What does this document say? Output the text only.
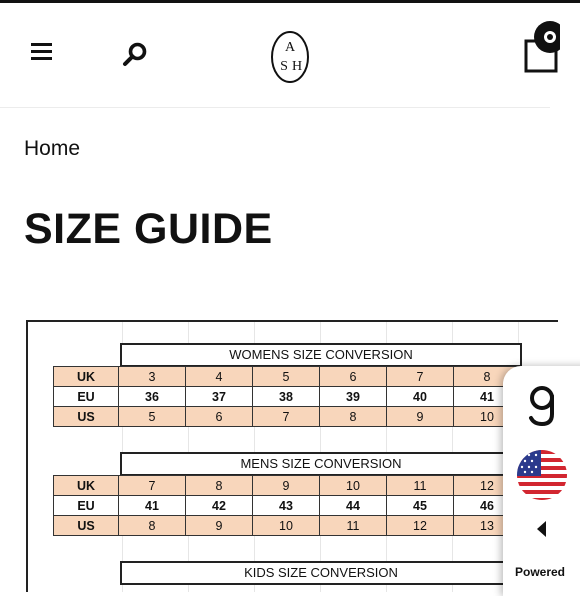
A
S H
Home
SIZE GUIDE
WOMENS SIZE CONVERSION
UK	3	4	5	6	7	8
EU	36	37	38	39	40	41
US	5	6	7	8	9	10
MENS SIZE CONVERSION
UK	7	8	9	10	11	12
EU	41	42	43	44	45	46
US	8	9	10	11	12	13
KIDS SIZE CONVERSION	Powered
